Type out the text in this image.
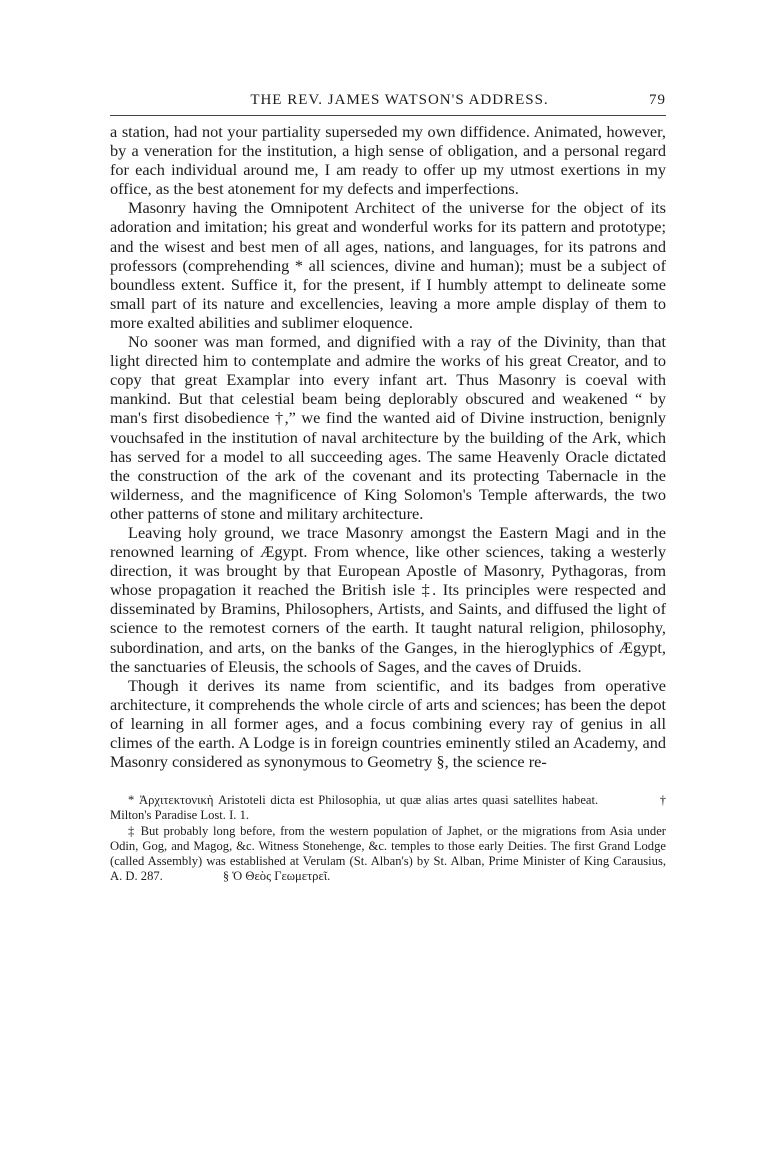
THE REV. JAMES WATSON'S ADDRESS.	79

a station, had not your partiality superseded my own diffidence. Animated, however, by a veneration for the institution, a high sense of obligation, and a personal regard for each individual around me, I am ready to offer up my utmost exertions in my office, as the best atonement for my defects and imperfections.

Masonry having the Omnipotent Architect of the universe for the object of its adoration and imitation; his great and wonderful works for its pattern and prototype; and the wisest and best men of all ages, nations, and languages, for its patrons and professors (comprehending * all sciences, divine and human); must be a subject of boundless extent. Suffice it, for the present, if I humbly attempt to delineate some small part of its nature and excellencies, leaving a more ample display of them to more exalted abilities and sublimer eloquence.

No sooner was man formed, and dignified with a ray of the Divinity, than that light directed him to contemplate and admire the works of his great Creator, and to copy that great Examplar into every infant art. Thus Masonry is coeval with mankind. But that celestial beam being deplorably obscured and weakened “ by man's first disobedience †,” we find the wanted aid of Divine instruction, benignly vouchsafed in the institution of naval architecture by the building of the Ark, which has served for a model to all succeeding ages. The same Heavenly Oracle dictated the construction of the ark of the covenant and its protecting Tabernacle in the wilderness, and the magnificence of King Solomon's Temple afterwards, the two other patterns of stone and military architecture.

Leaving holy ground, we trace Masonry amongst the Eastern Magi and in the renowned learning of Ægypt. From whence, like other sciences, taking a westerly direction, it was brought by that European Apostle of Masonry, Pythagoras, from whose propagation it reached the British isle ‡. Its principles were respected and disseminated by Bramins, Philosophers, Artists, and Saints, and diffused the light of science to the remotest corners of the earth. It taught natural religion, philosophy, subordination, and arts, on the banks of the Ganges, in the hieroglyphics of Ægypt, the sanctuaries of Eleusis, the schools of Sages, and the caves of Druids.

Though it derives its name from scientific, and its badges from operative architecture, it comprehends the whole circle of arts and sciences; has been the depot of learning in all former ages, and a focus combining every ray of genius in all climes of the earth. A Lodge is in foreign countries eminently stiled an Academy, and Masonry considered as synonymous to Geometry §, the science re-

* Ἀρχιτεκτονικὴ Aristoteli dicta est Philosophia, ut quæ alias artes quasi satellites habeat.	† Milton's Paradise Lost. I. 1.

‡ But probably long before, from the western population of Japhet, or the migrations from Asia under Odin, Gog, and Magog, &c. Witness Stonehenge, &c. temples to those early Deities. The first Grand Lodge (called Assembly) was established at Verulam (St. Alban's) by St. Alban, Prime Minister of King Carausius, A. D. 287.	§ Ὁ Θεὸς Γεωμετρεῖ.
